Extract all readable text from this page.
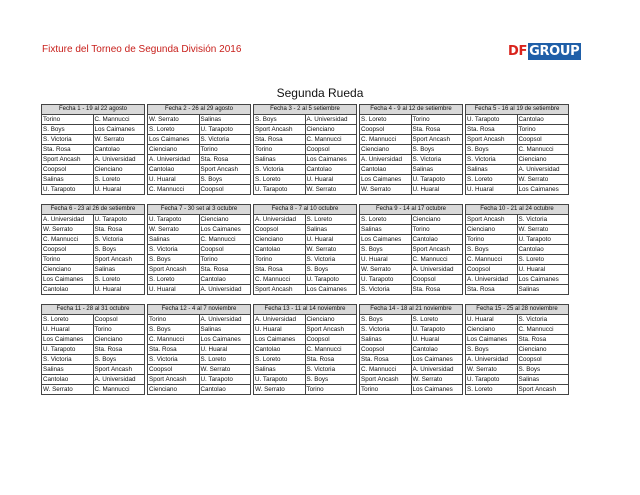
Fixture del Torneo de Segunda División 2016	DF GROUP
Segunda Rueda
Fecha 1 - 19 al 22 agosto	
Torino	C. Mannucci
S. Boys	Los Caimanes
S. Victoria	W. Serrato
Sta. Rosa	Cantolao
Sport Ancash	A. Universidad
Coopsol	Cienciano
Salinas	S. Loreto
U. Tarapoto	U. Huaral
Fecha 2 - 26 al 29 agosto	
W. Serrato	Salinas
S. Loreto	U. Tarapoto
Los Caimanes	S. Victoria
Cienciano	Torino
A. Universidad	Sta. Rosa
Cantolao	Sport Ancash
U. Huaral	S. Boys
C. Mannucci	Coopsol
Fecha 3 - 2 al 5 setiembre	
S. Boys	A. Universidad
Sport Ancash	Cienciano
Sta. Rosa	C. Mannucci
Torino	Coopsol
Salinas	Los Caimanes
S. Victoria	Cantolao
S. Loreto	U. Huaral
U. Tarapoto	W. Serrato
Fecha 4 - 9 al 12 de setiembre	
S. Loreto	Torino
Coopsol	Sta. Rosa
C. Mannucci	Sport Ancash
Cienciano	S. Boys
A. Universidad	S. Victoria
Cantolao	Salinas
Los Caimanes	U. Tarapoto
W. Serrato	U. Huaral
Fecha 5 - 16 al 19 de setiembre	
U. Tarapoto	Cantolao
Sta. Rosa	Torino
Sport Ancash	Coopsol
S. Boys	C. Mannucci
S. Victoria	Cienciano
Salinas	A. Universidad
S. Loreto	W. Serrato
U. Huaral	Los Caimanes
Fecha 6 - 23 al 26 de setiembre	
A. Universidad	U. Tarapoto
W. Serrato	Sta. Rosa
C. Mannucci	S. Victoria
Coopsol	S. Boys
Torino	Sport Ancash
Cienciano	Salinas
Los Caimanes	S. Loreto
Cantolao	U. Huaral
Fecha 7 - 30 set al 3 octubre	
U. Tarapoto	Cienciano
W. Serrato	Los Caimanes
Salinas	C. Mannucci
S. Victoria	Coopsol
S. Boys	Torino
Sport Ancash	Sta. Rosa
S. Loreto	Cantolao
U. Huaral	A. Universidad
Fecha 8 - 7 al 10 octubre	
A. Universidad	S. Loreto
Coopsol	Salinas
Cienciano	U. Huaral
Cantolao	W. Serrato
Torino	S. Victoria
Sta. Rosa	S. Boys
C. Mannucci	U. Tarapoto
Sport Ancash	Los Caimanes
Fecha 9 - 14 al 17 octubre	
S. Loreto	Cienciano
Salinas	Torino
Los Caimanes	Cantolao
S. Boys	Sport Ancash
U. Huaral	C. Mannucci
W. Serrato	A. Universidad
U. Tarapoto	Coopsol
S. Victoria	Sta. Rosa
Fecha 10 - 21 al 24 octubre	
Sport Ancash	S. Victoria
Cienciano	W. Serrato
Torino	U. Tarapoto
S. Boys	Cantolao
C. Mannucci	S. Loreto
Coopsol	U. Huaral
A. Universidad	Los Caimanes
Sta. Rosa	Salinas
Fecha 11 - 28 al 31 octubre	
S. Loreto	Coopsol
U. Huaral	Torino
Los Caimanes	Cienciano
U. Tarapoto	Sta. Rosa
S. Victoria	S. Boys
Salinas	Sport Ancash
Cantolao	A. Universidad
W. Serrato	C. Mannucci
Fecha 12 - 4 al 7 noviembre	
Torino	A. Universidad
S. Boys	Salinas
C. Mannucci	Los Caimanes
Sta. Rosa	U. Huaral
S. Victoria	S. Loreto
Coopsol	W. Serrato
Sport Ancash	U. Tarapoto
Cienciano	Cantolao
Fecha 13 - 11 al 14 noviembre	
A. Universidad	Cienciano
U. Huaral	Sport Ancash
Los Caimanes	Coopsol
Cantolao	C. Mannucci
S. Loreto	Sta. Rosa
Salinas	S. Victoria
U. Tarapoto	S. Boys
W. Serrato	Torino
Fecha 14 - 18 al 21 noviembre	
S. Boys	S. Loreto
S. Victoria	U. Tarapoto
Salinas	U. Huaral
Coopsol	Cantolao
Sta. Rosa	Los Caimanes
C. Mannucci	A. Universidad
Sport Ancash	W. Serrato
Torino	Los Caimanes
Fecha 15 - 25 al 28 noviembre	
U. Huaral	S. Victoria
Cienciano	C. Mannucci
Los Caimanes	Sta. Rosa
S. Boys	Cienciano
A. Universidad	Coopsol
W. Serrato	S. Boys
U. Tarapoto	Salinas
S. Loreto	Sport Ancash
